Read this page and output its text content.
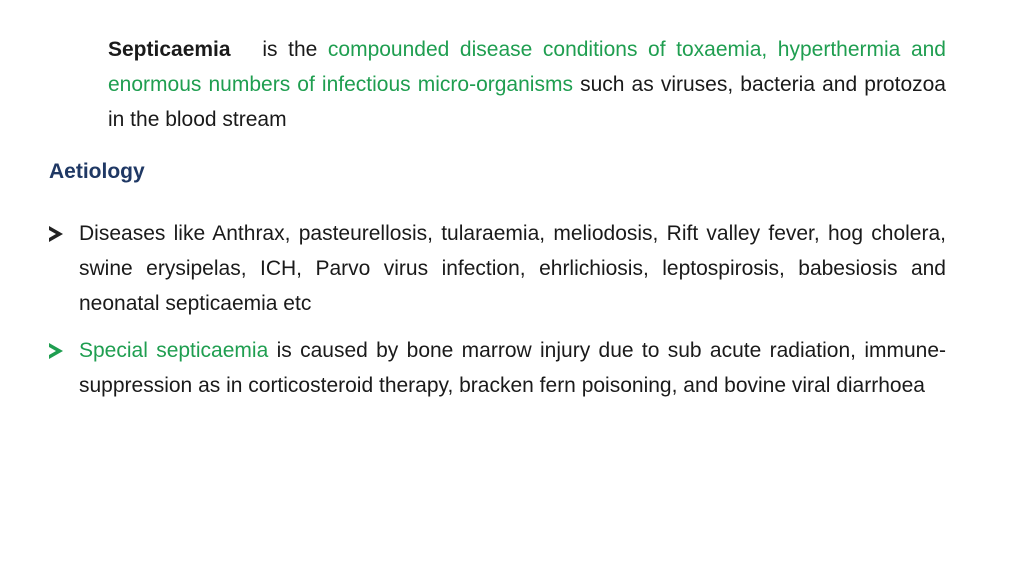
Septicaemia is the compounded disease conditions of toxaemia, hyperthermia and enormous numbers of infectious micro-organisms such as viruses, bacteria and protozoa in the blood stream
Aetiology
Diseases like Anthrax, pasteurellosis, tularaemia, meliodosis, Rift valley fever, hog cholera, swine erysipelas, ICH, Parvo virus infection, ehrlichiosis, leptospirosis, babesiosis and neonatal septicaemia etc
Special septicaemia is caused by bone marrow injury due to sub acute radiation, immune-suppression as in corticosteroid therapy, bracken fern poisoning, and bovine viral diarrhoea
